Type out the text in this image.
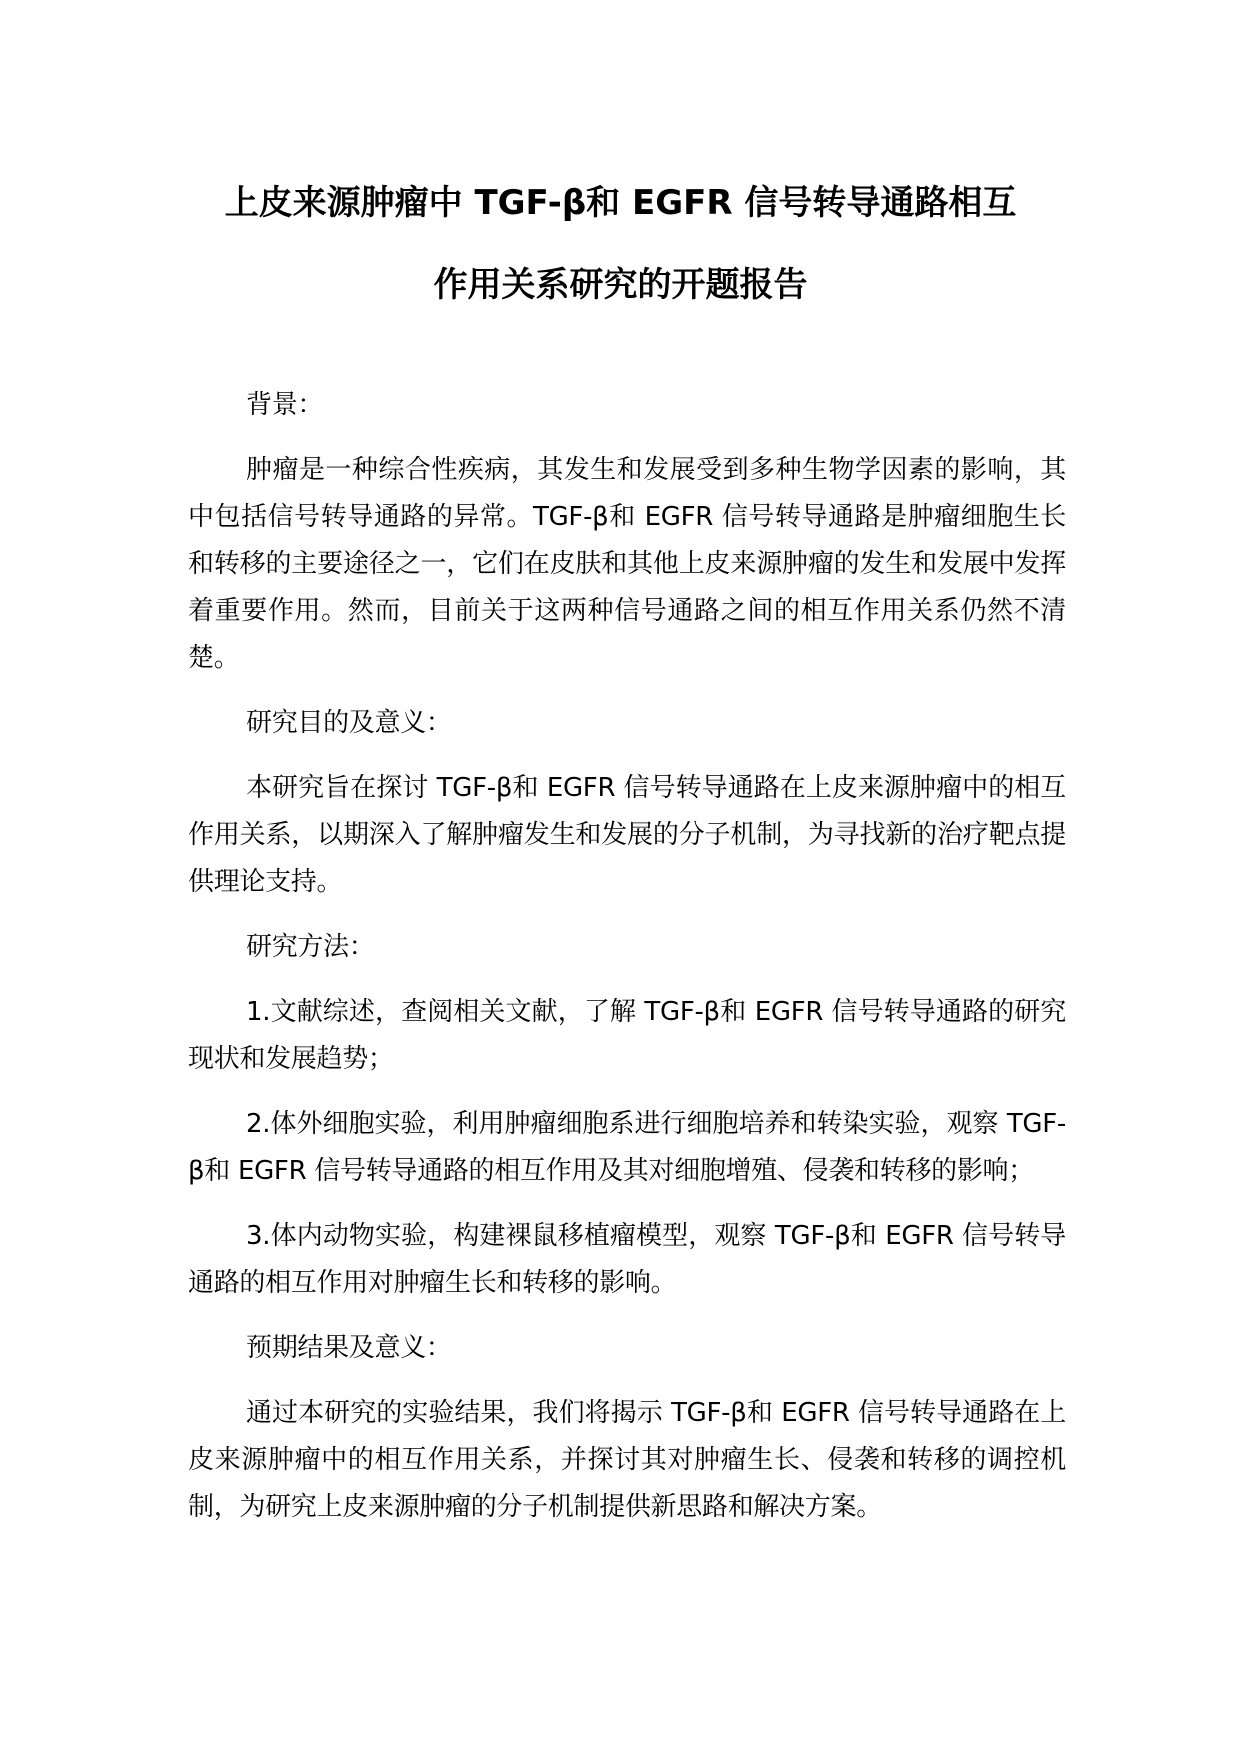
上皮来源肿瘤中 TGF-β和 EGFR 信号转导通路相互
作用关系研究的开题报告

背景：

肿瘤是一种综合性疾病，其发生和发展受到多种生物学因素的影响，其中包括信号转导通路的异常。TGF-β和 EGFR 信号转导通路是肿瘤细胞生长和转移的主要途径之一，它们在皮肤和其他上皮来源肿瘤的发生和发展中发挥着重要作用。然而，目前关于这两种信号通路之间的相互作用关系仍然不清楚。

研究目的及意义：

本研究旨在探讨 TGF-β和 EGFR 信号转导通路在上皮来源肿瘤中的相互作用关系，以期深入了解肿瘤发生和发展的分子机制，为寻找新的治疗靶点提供理论支持。

研究方法：

1.文献综述，查阅相关文献，了解 TGF-β和 EGFR 信号转导通路的研究现状和发展趋势；

2.体外细胞实验，利用肿瘤细胞系进行细胞培养和转染实验，观察 TGF-β和 EGFR 信号转导通路的相互作用及其对细胞增殖、侵袭和转移的影响；

3.体内动物实验，构建裸鼠移植瘤模型，观察 TGF-β和 EGFR 信号转导通路的相互作用对肿瘤生长和转移的影响。

预期结果及意义：

通过本研究的实验结果，我们将揭示 TGF-β和 EGFR 信号转导通路在上皮来源肿瘤中的相互作用关系，并探讨其对肿瘤生长、侵袭和转移的调控机制，为研究上皮来源肿瘤的分子机制提供新思路和解决方案。
